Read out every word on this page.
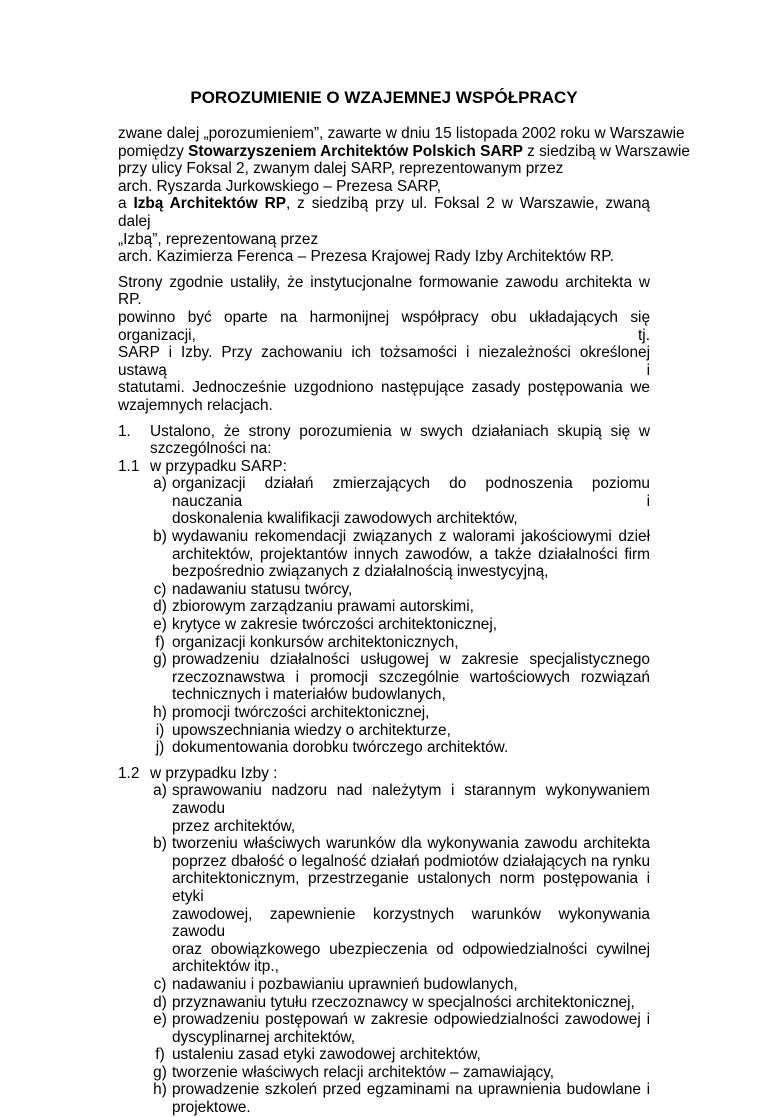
POROZUMIENIE O WZAJEMNEJ WSPÓŁPRACY

zwane dalej „porozumieniem”, zawarte w dniu 15 listopada 2002 roku w Warszawie
pomiędzy Stowarzyszeniem Architektów Polskich SARP z siedzibą w Warszawie
przy ulicy Foksal 2, zwanym dalej SARP, reprezentowanym przez
arch. Ryszarda Jurkowskiego – Prezesa SARP,
a Izbą Architektów RP, z siedzibą przy ul. Foksal 2 w Warszawie, zwaną dalej
„Izbą”, reprezentowaną przez
arch. Kazimierza Ferenca – Prezesa Krajowej Rady Izby Architektów RP.

Strony zgodnie ustaliły, że instytucjonalne formowanie zawodu architekta w RP.
powinno być oparte na harmonijnej współpracy obu układających się organizacji, tj.
SARP i Izby. Przy zachowaniu ich tożsamości i niezależności określonej ustawą i
statutami. Jednocześnie uzgodniono następujące zasady postępowania we
wzajemnych relacjach.

1.	Ustalono, że strony porozumienia w swych działaniach skupią się w
szczególności na:
1.1 w przypadku SARP:
a) organizacji działań zmierzających do podnoszenia poziomu nauczania i
doskonalenia kwalifikacji zawodowych architektów,
b) wydawaniu rekomendacji związanych z walorami jakościowymi dzieł
architektów, projektantów innych zawodów, a także działalności firm
bezpośrednio związanych z działalnością inwestycyjną,
c) nadawaniu statusu twórcy,
d) zbiorowym zarządzaniu prawami autorskimi,
e) krytyce w zakresie twórczości architektonicznej,
f) organizacji konkursów architektonicznych,
g) prowadzeniu działalności usługowej w zakresie specjalistycznego
rzeczoznawstwa i promocji szczególnie wartościowych rozwiązań
technicznych i materiałów budowlanych,
h) promocji twórczości architektonicznej,
i) upowszechniania wiedzy o architekturze,
j) dokumentowania dorobku twórczego architektów.
1.2 w przypadku Izby :
a) sprawowaniu nadzoru nad należytym i starannym wykonywaniem zawodu
przez architektów,
b) tworzeniu właściwych warunków dla wykonywania zawodu architekta
poprzez dbałość o legalność działań podmiotów działających na rynku
architektonicznym, przestrzeganie ustalonych norm postępowania i etyki
zawodowej, zapewnienie korzystnych warunków wykonywania zawodu
oraz obowiązkowego ubezpieczenia od odpowiedzialności cywilnej
architektów itp.,
c) nadawaniu i pozbawianiu uprawnień budowlanych,
d) przyznawaniu tytułu rzeczoznawcy w specjalności architektonicznej,
e) prowadzeniu postępowań w zakresie odpowiedzialności zawodowej i
dyscyplinarnej architektów,
f) ustaleniu zasad etyki zawodowej architektów,
g) tworzenie właściwych relacji architektów – zamawiający,
h) prowadzenie szkoleń przed egzaminami na uprawnienia budowlane i
projektowe.
